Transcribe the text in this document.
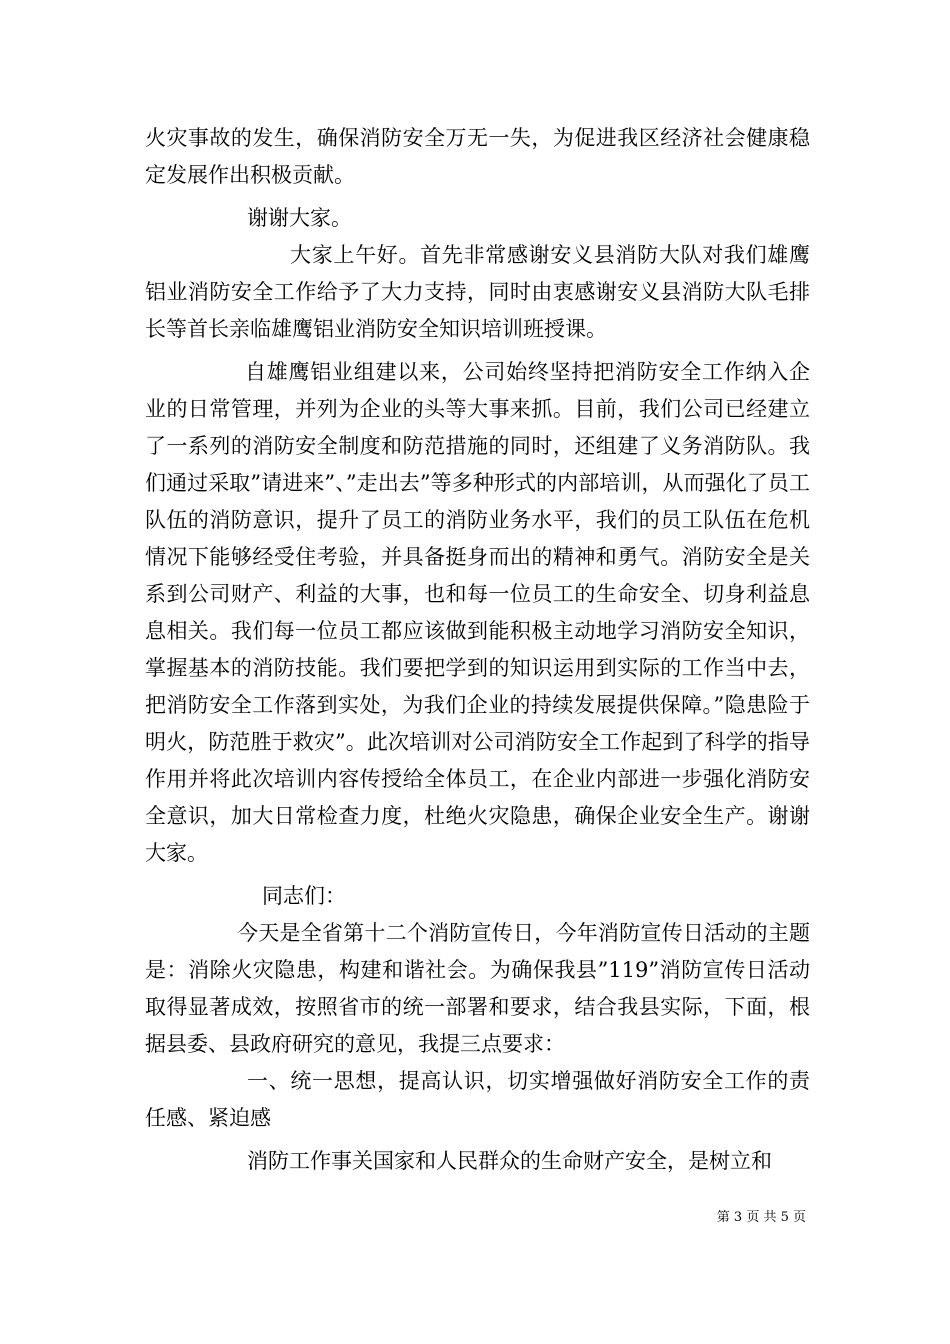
火灾事故的发生，确保消防安全万无一失，为促进我区经济社会健康稳定发展作出积极贡献。

谢谢大家。

大家上午好。首先非常感谢安义县消防大队对我们雄鹰铝业消防安全工作给予了大力支持，同时由衷感谢安义县消防大队毛排长等首长亲临雄鹰铝业消防安全知识培训班授课。

自雄鹰铝业组建以来，公司始终坚持把消防安全工作纳入企业的日常管理，并列为企业的头等大事来抓。目前，我们公司已经建立了一系列的消防安全制度和防范措施的同时，还组建了义务消防队。我们通过采取”请进来”、”走出去”等多种形式的内部培训，从而强化了员工队伍的消防意识，提升了员工的消防业务水平，我们的员工队伍在危机情况下能够经受住考验，并具备挺身而出的精神和勇气。消防安全是关系到公司财产、利益的大事，也和每一位员工的生命安全、切身利益息息相关。我们每一位员工都应该做到能积极主动地学习消防安全知识，掌握基本的消防技能。我们要把学到的知识运用到实际的工作当中去，把消防安全工作落到实处，为我们企业的持续发展提供保障。”隐患险于明火，防范胜于救灾”。此次培训对公司消防安全工作起到了科学的指导作用并将此次培训内容传授给全体员工，在企业内部进一步强化消防安全意识，加大日常检查力度，杜绝火灾隐患，确保企业安全生产。谢谢大家。

同志们：

今天是全省第十二个消防宣传日，今年消防宣传日活动的主题是：消除火灾隐患，构建和谐社会。为确保我县”119”消防宣传日活动取得显著成效，按照省市的统一部署和要求，结合我县实际，下面，根据县委、县政府研究的意见，我提三点要求：

一、统一思想，提高认识，切实增强做好消防安全工作的责任感、紧迫感

消防工作事关国家和人民群众的生命财产安全，是树立和

第 3 页 共 5 页
